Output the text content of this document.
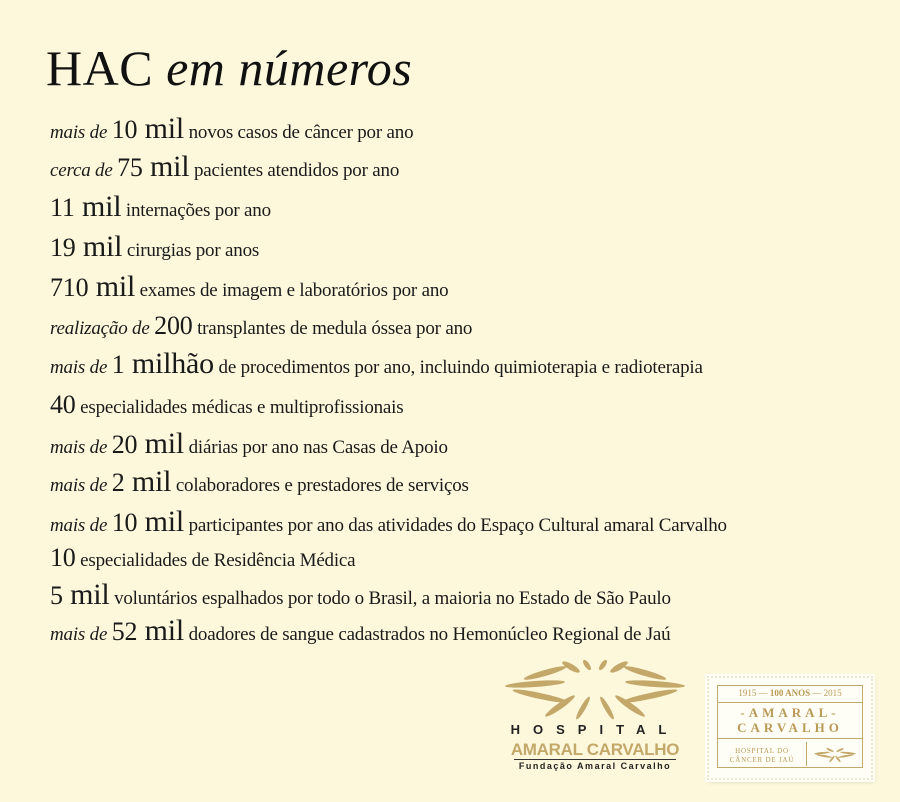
HAC em números
mais de 10 mil novos casos de câncer por ano
cerca de 75 mil pacientes atendidos por ano
11 mil internações por ano
19 mil cirurgias por anos
710 mil exames de imagem e laboratórios por ano
realização de 200 transplantes de medula óssea por ano
mais de 1 milhão de procedimentos por ano, incluindo quimioterapia e radioterapia
40 especialidades médicas e multiprofissionais
mais de 20 mil diárias por ano nas Casas de Apoio
mais de 2 mil colaboradores e prestadores de serviços
mais de 10 mil participantes por ano das atividades do Espaço Cultural amaral Carvalho
10 especialidades de Residência Médica
5 mil voluntários espalhados por todo o Brasil, a maioria no Estado de São Paulo
mais de 52 mil doadores de sangue cadastrados no Hemonúcleo Regional de Jaú
HOSPITAL
AMARAL CARVALHO
Fundação Amaral Carvalho
1915 — 100 ANOS — 2015
-AMARAL-
CARVALHO
HOSPITAL DO
CÂNCER DE JAÚ
